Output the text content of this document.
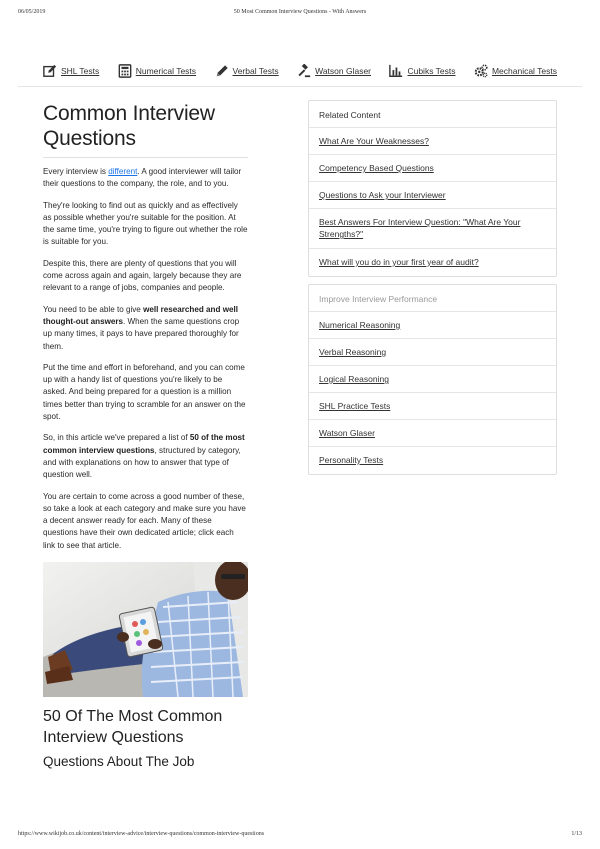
06/05/2019	50 Most Common Interview Questions - With Answers
SHL Tests	Numerical Tests	Verbal Tests	Watson Glaser	Cubiks Tests	Mechanical Tests
Common Interview Questions

Every interview is different. A good interviewer will tailor their questions to the company, the role, and to you.

They're looking to find out as quickly and as effectively as possible whether you're suitable for the position. At the same time, you're trying to figure out whether the role is suitable for you.

Despite this, there are plenty of questions that you will come across again and again, largely because they are relevant to a range of jobs, companies and people.

You need to be able to give well researched and well thought-out answers. When the same questions crop up many times, it pays to have prepared thoroughly for them.

Put the time and effort in beforehand, and you can come up with a handy list of questions you're likely to be asked. And being prepared for a question is a million times better than trying to scramble for an answer on the spot.

So, in this article we've prepared a list of 50 of the most common interview questions, structured by category, and with explanations on how to answer that type of question well.

You are certain to come across a good number of these, so take a look at each category and make sure you have a decent answer ready for each. Many of these questions have their own dedicated article; click each link to see that article.

50 Of The Most Common Interview Questions
Questions About The Job
Related Content
What Are Your Weaknesses?
Competency Based Questions
Questions to Ask your Interviewer
Best Answers For Interview Question: "What Are Your Strengths?"
What will you do in your first year of audit?
Improve Interview Performance
Numerical Reasoning
Verbal Reasoning
Logical Reasoning
SHL Practice Tests
Watson Glaser
Personality Tests
https://www.wikijob.co.uk/content/interview-advice/interview-questions/common-interview-questions	1/13
